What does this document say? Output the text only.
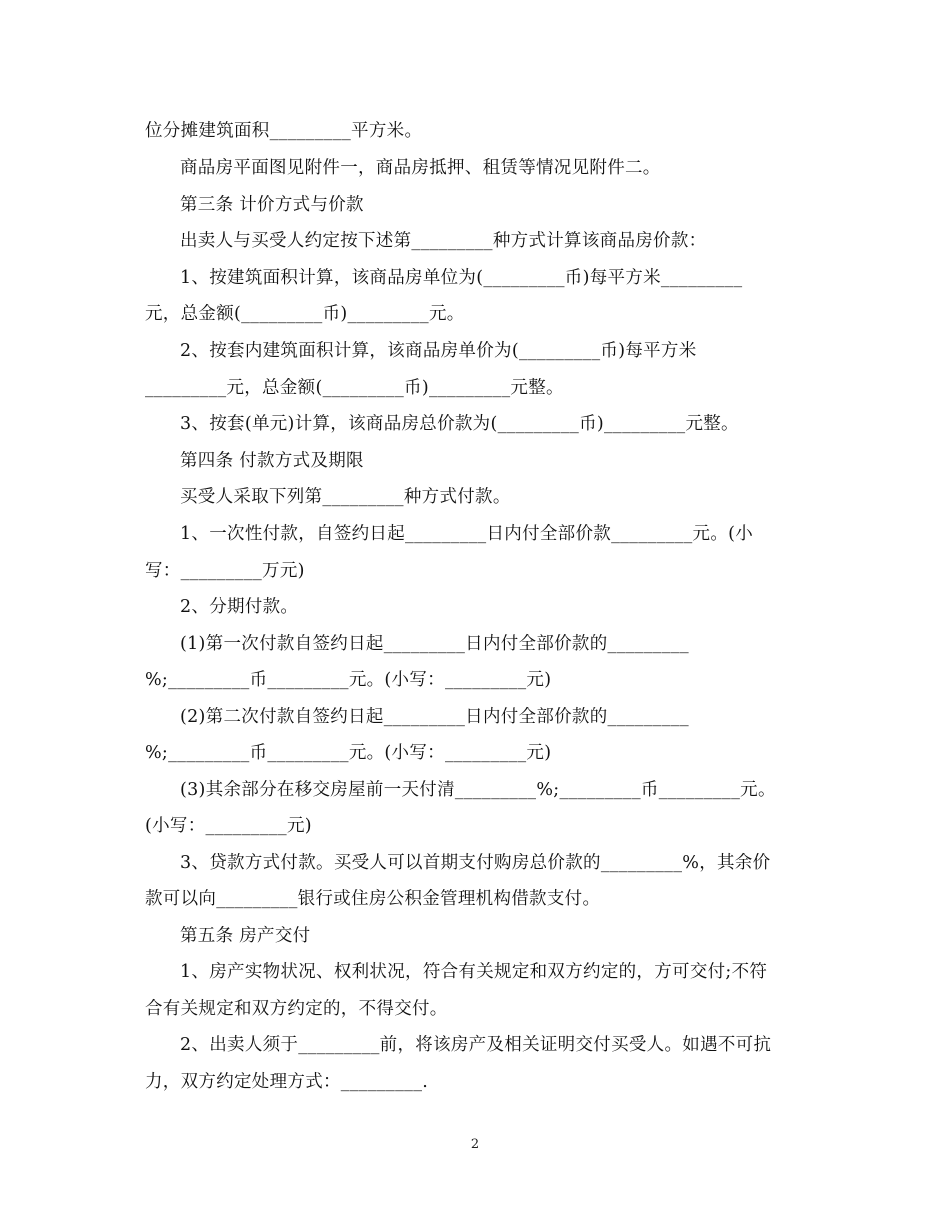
位分摊建筑面积_________平方米。
商品房平面图见附件一，商品房抵押、租赁等情况见附件二。
第三条 计价方式与价款
出卖人与买受人约定按下述第_________种方式计算该商品房价款：
1、按建筑面积计算，该商品房单位为(_________币)每平方米_________
元，总金额(_________币)_________元。
2、按套内建筑面积计算，该商品房单价为(_________币)每平方米
_________元，总金额(_________币)_________元整。
3、按套(单元)计算，该商品房总价款为(_________币)_________元整。
第四条 付款方式及期限
买受人采取下列第_________种方式付款。
1、一次性付款，自签约日起_________日内付全部价款_________元。(小
写：_________万元)
2、分期付款。
(1)第一次付款自签约日起_________日内付全部价款的_________
%;_________币_________元。(小写：_________元)
(2)第二次付款自签约日起_________日内付全部价款的_________
%;_________币_________元。(小写：_________元)
(3)其余部分在移交房屋前一天付清_________%;_________币_________元。
(小写：_________元)
3、贷款方式付款。买受人可以首期支付购房总价款的_________%，其余价
款可以向_________银行或住房公积金管理机构借款支付。
第五条 房产交付
1、房产实物状况、权利状况，符合有关规定和双方约定的，方可交付;不符
合有关规定和双方约定的，不得交付。
2、出卖人须于_________前，将该房产及相关证明交付买受人。如遇不可抗
力，双方约定处理方式：_________.
2
